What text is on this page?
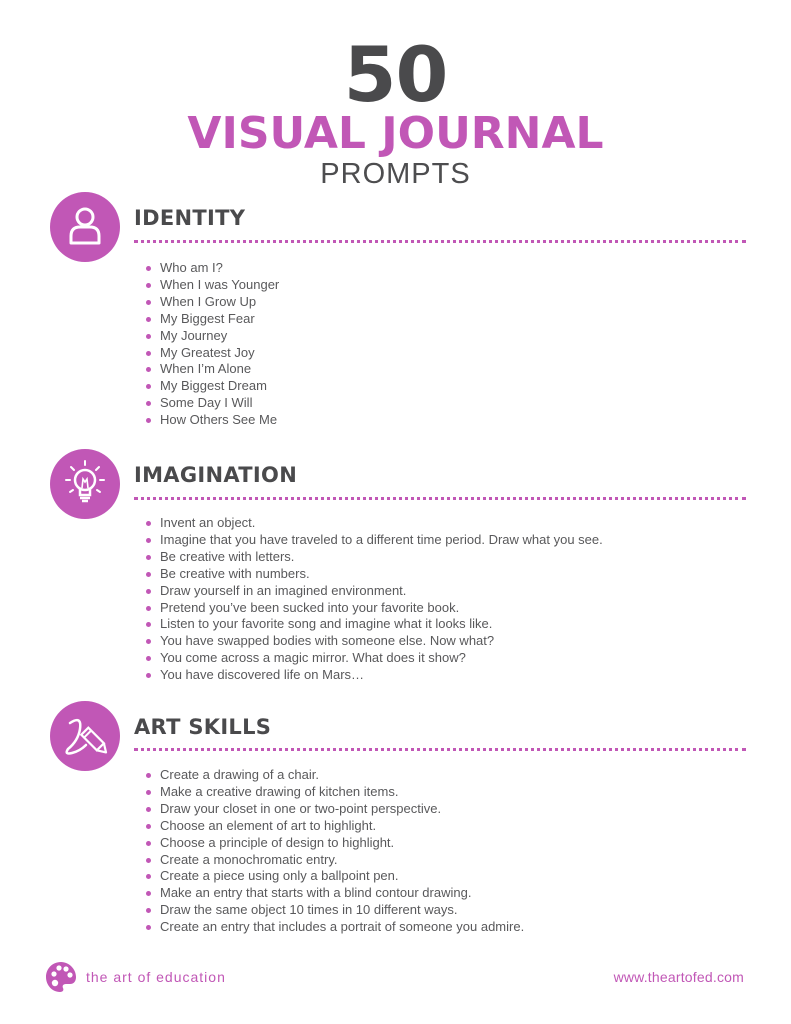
50
VISUAL JOURNAL
PROMPTS
IDENTITY
Who am I?
When I was Younger
When I Grow Up
My Biggest Fear
My Journey
My Greatest Joy
When I’m Alone
My Biggest Dream
Some Day I Will
How Others See Me
IMAGINATION
Invent an object.
Imagine that you have traveled to a different time period. Draw what you see.
Be creative with letters.
Be creative with numbers.
Draw yourself in an imagined environment.
Pretend you’ve been sucked into your favorite book.
Listen to your favorite song and imagine what it looks like.
You have swapped bodies with someone else. Now what?
You come across a magic mirror. What does it show?
You have discovered life on Mars…
ART SKILLS
Create a drawing of a chair.
Make a creative drawing of kitchen items.
Draw your closet in one or two-point perspective.
Choose an element of art to highlight.
Choose a principle of design to highlight.
Create a monochromatic entry.
Create a piece using only a ballpoint pen.
Make an entry that starts with a blind contour drawing.
Draw the same object 10 times in 10 different ways.
Create an entry that includes a portrait of someone you admire.
the art of education	www.theartofed.com
